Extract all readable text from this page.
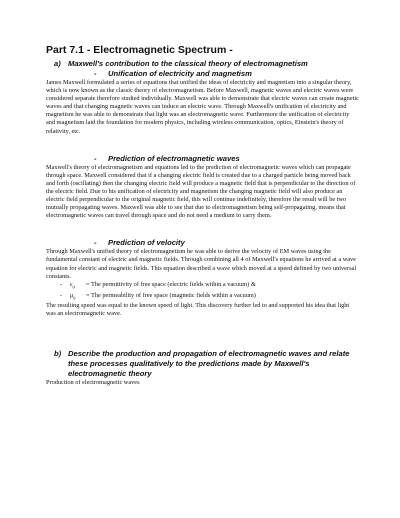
Part 7.1 - Electromagnetic Spectrum -
a) Maxwell's contribution to the classical theory of electromagnetism
- Unification of electricity and magnetism

James Maxwell formulated a series of equations that unified the ideas of electricity and magnetism into a singular theory, which is now known as the classic theory of electromagnetism. Before Maxwell, magnetic waves and electric waves were considered separate therefore studied individually. Maxwell was able to demonstrate that electric waves can create magnetic waves and that changing magnetic waves can induce an electric wave. Through Maxwell's unification of electricity and magnetism he was able to demonstrate that light was an electromagnetic wave. Furthermore the unification of electricity and magnetism laid the foundation for modern physics, including wireless communication, optics, Einstein's theory of relativity, etc.

- Prediction of electromagnetic waves

Maxwell's theory of electromagnetism and equations led to the prediction of electromagnetic waves which can propagate through space. Maxwell considered that if a changing electric field is created due to a charged particle being moved back and forth (oscillating) then the changing electric field will produce a magnetic field that is perpendicular to the direction of the electric field. Due to his unification of electricity and magnetism the changing magnetic field will also produce an electric field perpendicular to the original magnetic field, this will continue indefinitely, therefore the result will be two mutually propagating waves. Maxwell was able to see that due to electromagnetism being self-propagating, means that electromagnetic waves can travel through space and do not need a medium to carry them.

- Prediction of velocity

Through Maxwell's unified theory of electromagnetism he was able to derive the velocity of EM waves using the fundamental constant of electric and magnetic fields. Through combining all 4 of Maxwell's equations he arrived at a wave equation for electric and magnetic fields. This equation described a wave which moved at a speed defined by two universal constants.

-	$\varepsilon_0$	= The permittivity of free space (electric fields within a vacuum) &
-	$\mu_0$	= The permeability of free space (magnetic fields within a vacuum)

The resulting speed was equal to the known speed of light. This discovery further led to and supported his idea that light was an electromagnetic wave.

b) Describe the production and propagation of electromagnetic waves and relate these processes qualitatively to the predictions made by Maxwell's electromagnetic theory

Production of electromagnetic waves
